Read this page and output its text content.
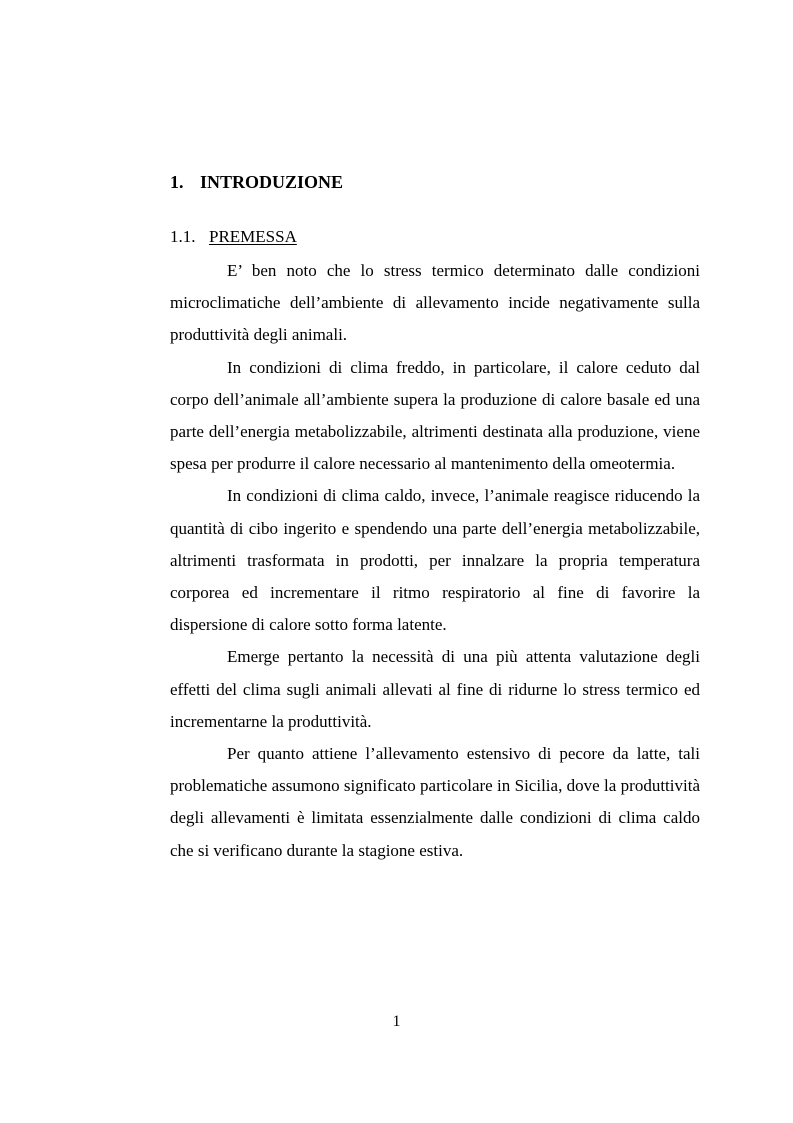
1. INTRODUZIONE
1.1. PREMESSA

E’ ben noto che lo stress termico determinato dalle condizioni microclimatiche dell’ambiente di allevamento incide negativamente sulla produttività degli animali.

In condizioni di clima freddo, in particolare, il calore ceduto dal corpo dell’animale all’ambiente supera la produzione di calore basale ed una parte dell’energia metabolizzabile, altrimenti destinata alla produzione, viene spesa per produrre il calore necessario al mantenimento della omeotermia.

In condizioni di clima caldo, invece, l’animale reagisce riducendo la quantità di cibo ingerito e spendendo una parte dell’energia metabolizzabile, altrimenti trasformata in prodotti, per innalzare la propria temperatura corporea ed incrementare il ritmo respiratorio al fine di favorire la dispersione di calore sotto forma latente.

Emerge pertanto la necessità di una più attenta valutazione degli effetti del clima sugli animali allevati al fine di ridurne lo stress termico ed incrementarne la produttività.

Per quanto attiene l’allevamento estensivo di pecore da latte, tali problematiche assumono significato particolare in Sicilia, dove la produttività degli allevamenti è limitata essenzialmente dalle condizioni di clima caldo che si verificano durante la stagione estiva.

1
